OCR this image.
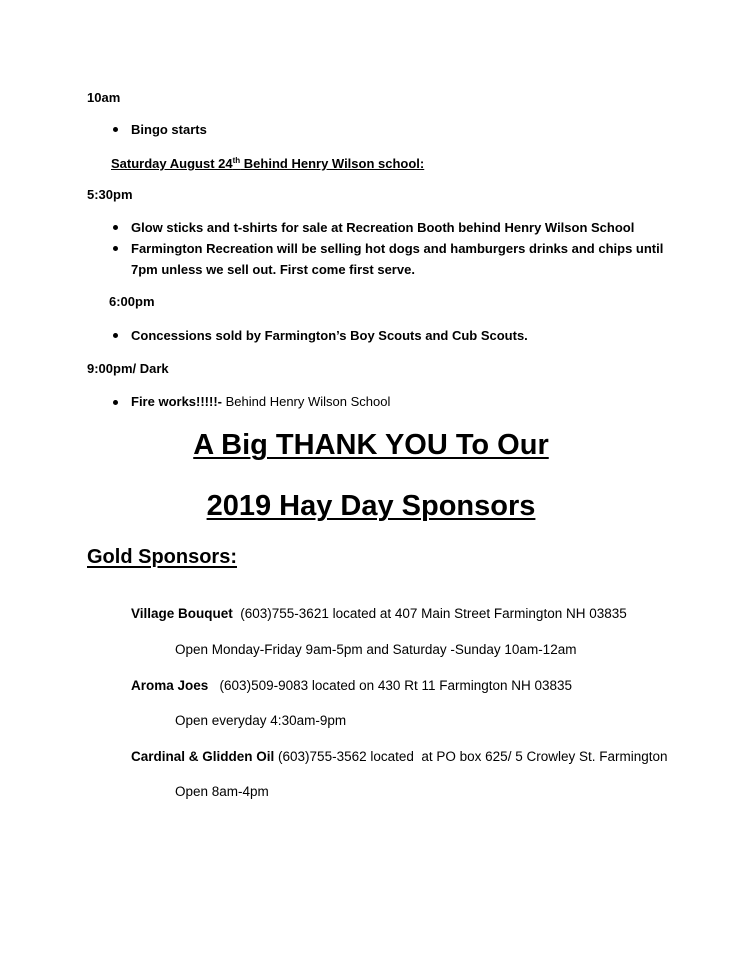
10am
Bingo starts
Saturday August 24th Behind Henry Wilson school:
5:30pm
Glow sticks and t-shirts for sale at Recreation Booth behind Henry Wilson School
Farmington Recreation will be selling hot dogs and hamburgers drinks and chips until
7pm unless we sell out. First come first serve.
6:00pm
Concessions sold by Farmington’s Boy Scouts and Cub Scouts.
9:00pm/ Dark
Fire works!!!!!- Behind Henry Wilson School
A Big THANK YOU To Our
2019 Hay Day Sponsors
Gold Sponsors:
Village Bouquet  (603)755-3621 located at 407 Main Street Farmington NH 03835
Open Monday-Friday 9am-5pm and Saturday -Sunday 10am-12am
Aroma Joes   (603)509-9083 located on 430 Rt 11 Farmington NH 03835
Open everyday 4:30am-9pm
Cardinal & Glidden Oil (603)755-3562 located  at PO box 625/ 5 Crowley St. Farmington
Open 8am-4pm
